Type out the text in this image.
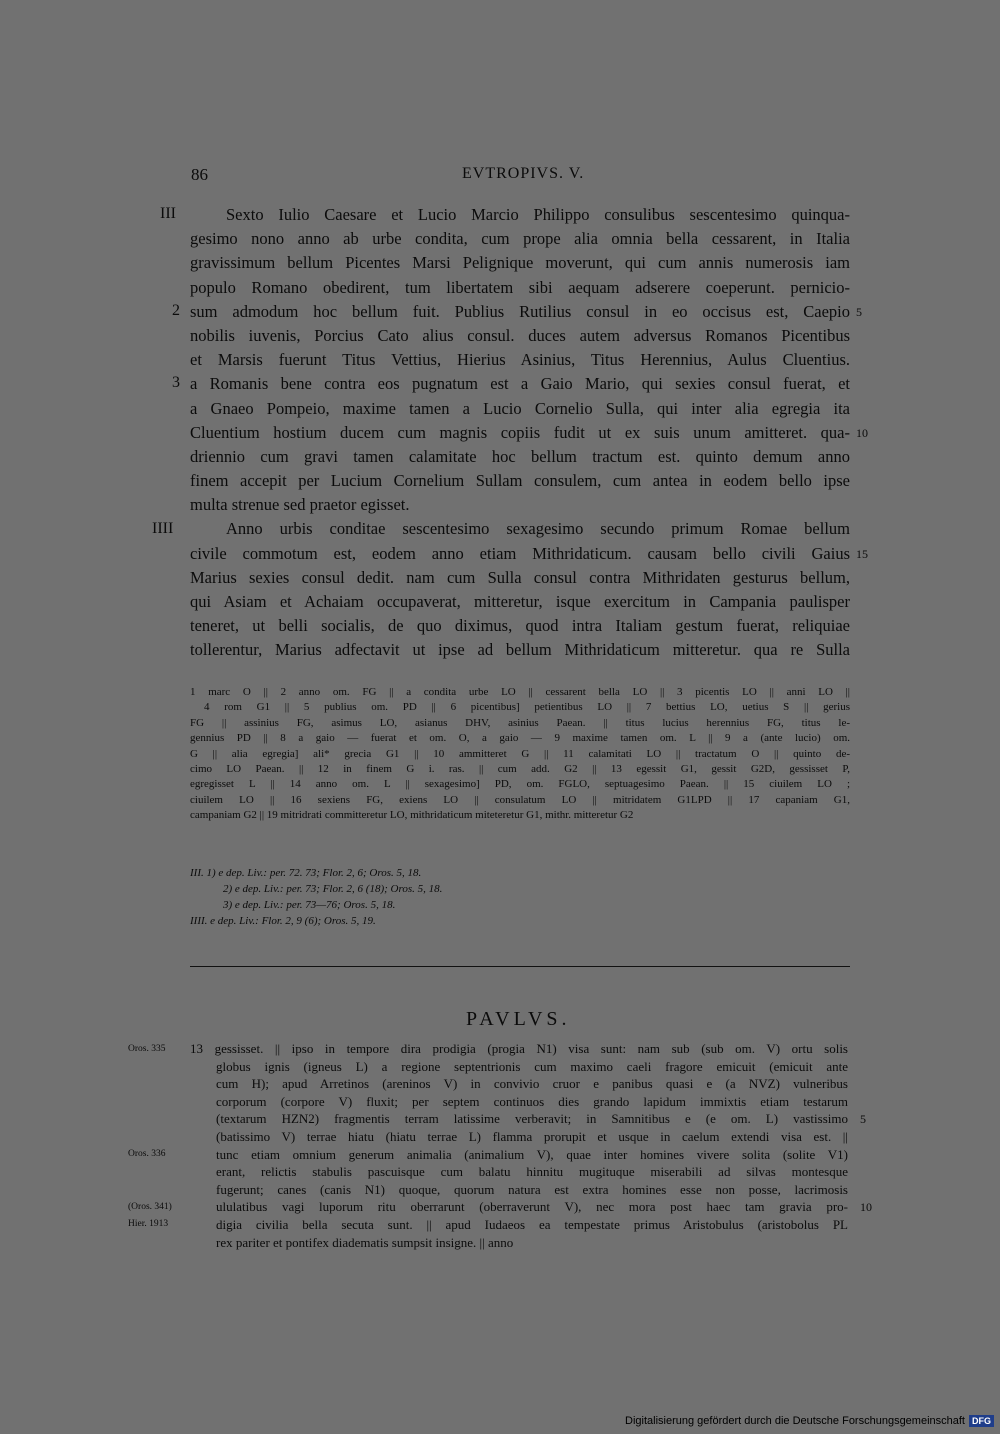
86	EVTROPIVS. V.
III
2
3
IIII
5
10
15
Sexto Iulio Caesare et Lucio Marcio Philippo consulibus sescentesimo quinqua-
gesimo nono anno ab urbe condita, cum prope alia omnia bella cessarent, in Italia
gravissimum bellum Picentes Marsi Pelignique moverunt, qui cum annis numerosis iam
populo Romano obedirent, tum libertatem sibi aequam adserere coeperunt. pernicio-
sum admodum hoc bellum fuit. Publius Rutilius consul in eo occisus est, Caepio
nobilis iuvenis, Porcius Cato alius consul. duces autem adversus Romanos Picentibus
et Marsis fuerunt Titus Vettius, Hierius Asinius, Titus Herennius, Aulus Cluentius.
a Romanis bene contra eos pugnatum est a Gaio Mario, qui sexies consul fuerat, et
a Gnaeo Pompeio, maxime tamen a Lucio Cornelio Sulla, qui inter alia egregia ita
Cluentium hostium ducem cum magnis copiis fudit ut ex suis unum amitteret. qua-
driennio cum gravi tamen calamitate hoc bellum tractum est. quinto demum anno
finem accepit per Lucium Cornelium Sullam consulem, cum antea in eodem bello ipse
multa strenue sed praetor egisset.
Anno urbis conditae sescentesimo sexagesimo secundo primum Romae bellum
civile commotum est, eodem anno etiam Mithridaticum. causam bello civili Gaius
Marius sexies consul dedit. nam cum Sulla consul contra Mithridaten gesturus bellum,
qui Asiam et Achaiam occupaverat, mitteretur, isque exercitum in Campania paulisper
teneret, ut belli socialis, de quo diximus, quod intra Italiam gestum fuerat, reliquiae
tollerentur, Marius adfectavit ut ipse ad bellum Mithridaticum mitteretur. qua re Sulla
1 marc O || 2 anno om. FG || a condita urbe LO || cessarent bella LO || 3 picentis LO || anni LO ||
4 rom G1 || 5 publius om. PD || 6 picentibus] petientibus LO || 7 bettius LO, uetius S || gerius
FG || assinius FG, asimus LO, asianus DHV, asinius Paean. || titus lucius herennius FG, titus le-
gennius PD || 8 a gaio — fuerat et om. O, a gaio — 9 maxime tamen om. L || 9 a (ante lucio) om.
G || alia egregia] ali* grecia G1 || 10 ammitteret G || 11 calamitati LO || tractatum O || quinto de-
cimo LO Paean. || 12 in finem G i. ras. || cum add. G2 || 13 egessit G1, gessit G2D, gessisset P,
egregisset L || 14 anno om. L || sexagesimo] PD, om. FGLO, septuagesimo Paean. || 15 ciuilem LO ;
ciuilem LO || 16 sexiens FG, exiens LO || consulatum LO || mitridatem G1LPD || 17 capaniam G1,
campaniam G2 || 19 mitridrati committeretur LO, mithridaticum miteteretur G1, mithr. mitteretur G2
III. 1) e dep. Liv.: per. 72. 73; Flor. 2, 6; Oros. 5, 18.
2) e dep. Liv.: per. 73; Flor. 2, 6 (18); Oros. 5, 18.
3) e dep. Liv.: per. 73—76; Oros. 5, 18.
IIII. e dep. Liv.: Flor. 2, 9 (6); Oros. 5, 19.
PAVLVS.
Oros. 335
Oros. 336
(Oros. 341)
Hier. 1913
5
10
13 gessisset. || ipso in tempore dira prodigia (progia N1) visa sunt: nam sub (sub om. V) ortu solis
globus ignis (igneus L) a regione septentrionis cum maximo caeli fragore emicuit (emicuit ante
cum H); apud Arretinos (areninos V) in convivio cruor e panibus quasi e (a NVZ) vulneribus
corporum (corpore V) fluxit; per septem continuos dies grando lapidum immixtis etiam testarum
(textarum HZN2) fragmentis terram latissime verberavit; in Samnitibus e (e om. L) vastissimo
(batissimo V) terrae hiatu (hiatu terrae L) flamma prorupit et usque in caelum extendi visa est. ||
tunc etiam omnium generum animalia (animalium V), quae inter homines vivere solita (solite V1)
erant, relictis stabulis pascuisque cum balatu hinnitu mugituque miserabili ad silvas montesque
fugerunt; canes (canis N1) quoque, quorum natura est extra homines esse non posse, lacrimosis
ululatibus vagi luporum ritu oberrarunt (oberraverunt V), nec mora post haec tam gravia pro-
digia civilia bella secuta sunt. || apud Iudaeos ea tempestate primus Aristobulus (aristobolus PL
rex pariter et pontifex diadematis sumpsit insigne. || anno
Digitalisierung gefördert durch die Deutsche Forschungsgemeinschaft DFG
